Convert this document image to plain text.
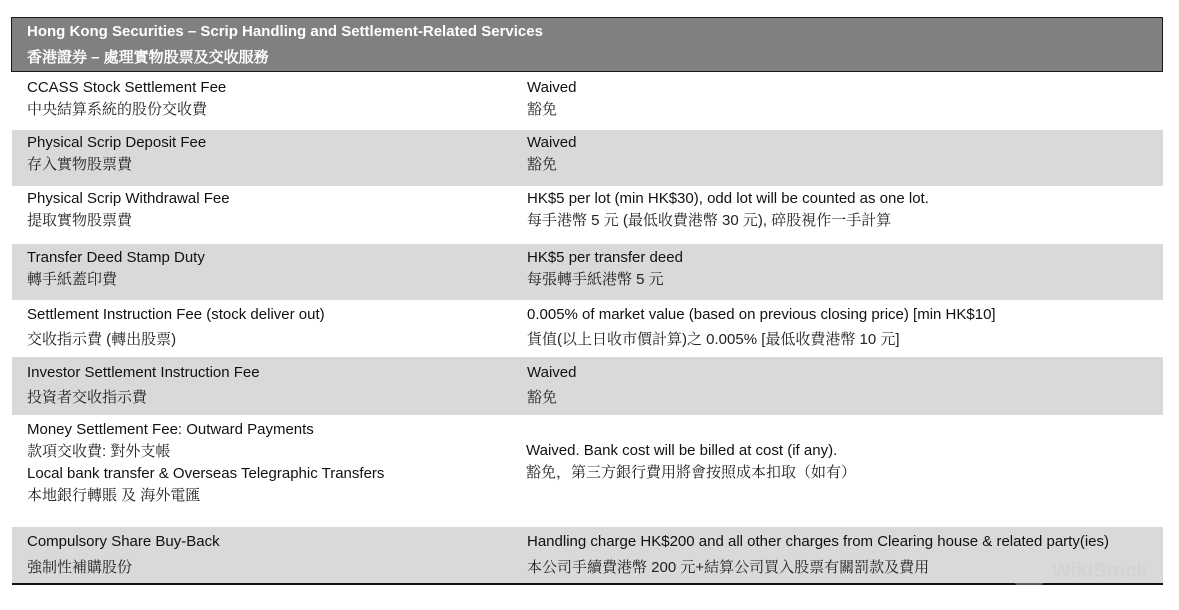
Hong Kong Securities – Scrip Handling and Settlement-Related Services
香港證券 – 處理實物股票及交收服務
CCASS Stock Settlement Fee
中央結算系統的股份交收費
Waived
豁免
Physical Scrip Deposit Fee
存入實物股票費
Waived
豁免
Physical Scrip Withdrawal Fee
提取實物股票費
HK$5 per lot (min HK$30), odd lot will be counted as one lot.
每手港幣 5 元 (最低收費港幣 30 元), 碎股視作一手計算
Transfer Deed Stamp Duty
轉手紙蓋印費
HK$5 per transfer deed
每張轉手紙港幣 5 元
Settlement Instruction Fee (stock deliver out)
交收指示費 (轉出股票)
0.005% of market value (based on previous closing price) [min HK$10]
貨值(以上日收市價計算)之 0.005% [最低收費港幣 10 元]
Investor Settlement Instruction Fee
投資者交收指示費
Waived
豁免
Money Settlement Fee: Outward Payments
款項交收費: 對外支帳
Local bank transfer & Overseas Telegraphic Transfers
本地銀行轉賬 及 海外電匯
Waived. Bank cost will be billed at cost (if any).
豁免，第三方銀行費用將會按照成本扣取（如有）
Compulsory Share Buy-Back
強制性補購股份
Handling charge HK$200 and all other charges from Clearing house & related party(ies)
本公司手續費港幣 200 元+結算公司買入股票有關罰款及費用	WikiStock
